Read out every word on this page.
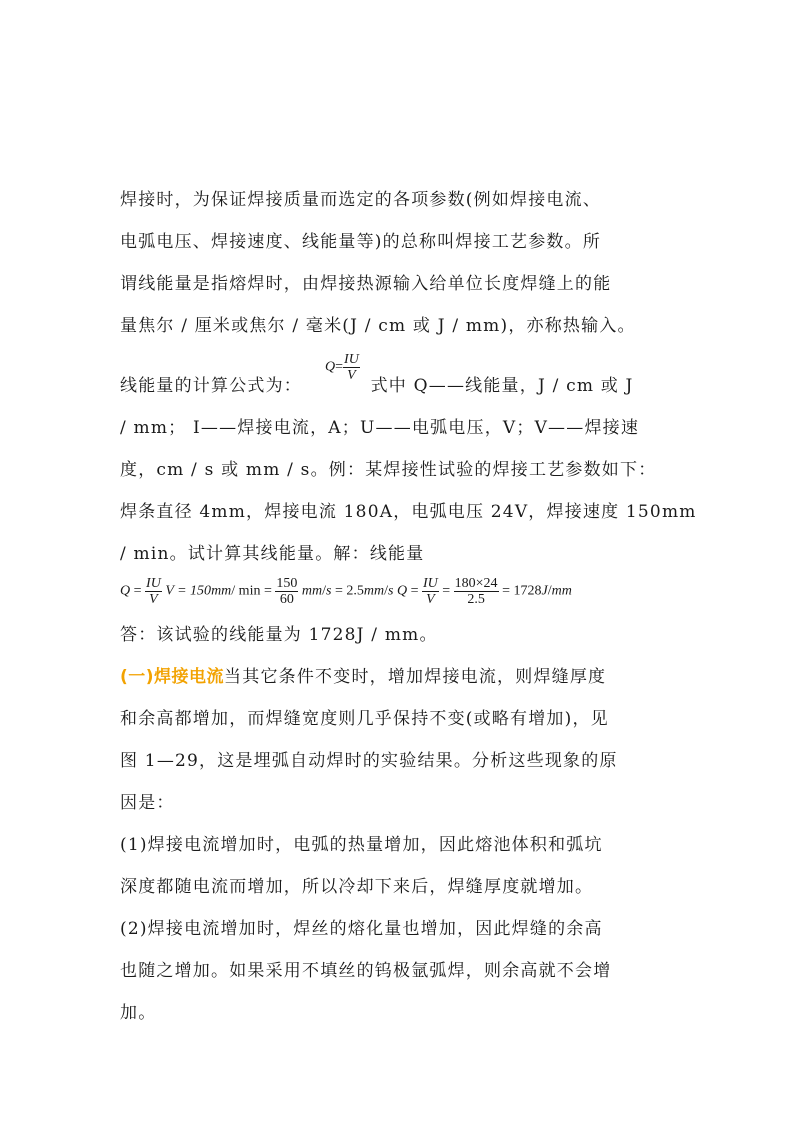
焊接时，为保证焊接质量而选定的各项参数(例如焊接电流、
电弧电压、焊接速度、线能量等)的总称叫焊接工艺参数。所
谓线能量是指熔焊时，由焊接热源输入给单位长度焊缝上的能
量焦尔 / 厘米或焦尔 / 毫米(J / cm 或 J / mm)，亦称热输入。
$Q= \frac{IU}{V}$
线能量的计算公式为：	式中 Q——线能量，J / cm 或 J
/ mm； I——焊接电流，A；U——电弧电压，V；V——焊接速
度，cm / s 或 mm / s。例：某焊接性试验的焊接工艺参数如下：
焊条直径 4mm，焊接电流 180A，电弧电压 24V，焊接速度 150mm
/ min。试计算其线能量。解：线能量
$Q = \frac{IU}{V}$ V = 150mm/ $\min = \frac{150}{60} mm/s = 2.5mm/s$ $Q = \frac{IU}{V} = \frac{180\times 24}{2.5} = 1728J/mm$
答：该试验的线能量为 1728J / mm。
(一)焊接电流当其它条件不变时，增加焊接电流，则焊缝厚度
和余高都增加，而焊缝宽度则几乎保持不变(或略有增加)，见
图 1—29，这是埋弧自动焊时的实验结果。分析这些现象的原
因是：
(1)焊接电流增加时，电弧的热量增加，因此熔池体积和弧坑
深度都随电流而增加，所以冷却下来后，焊缝厚度就增加。
(2)焊接电流增加时，焊丝的熔化量也增加，因此焊缝的余高
也随之增加。如果采用不填丝的钨极氩弧焊，则余高就不会增
加。
